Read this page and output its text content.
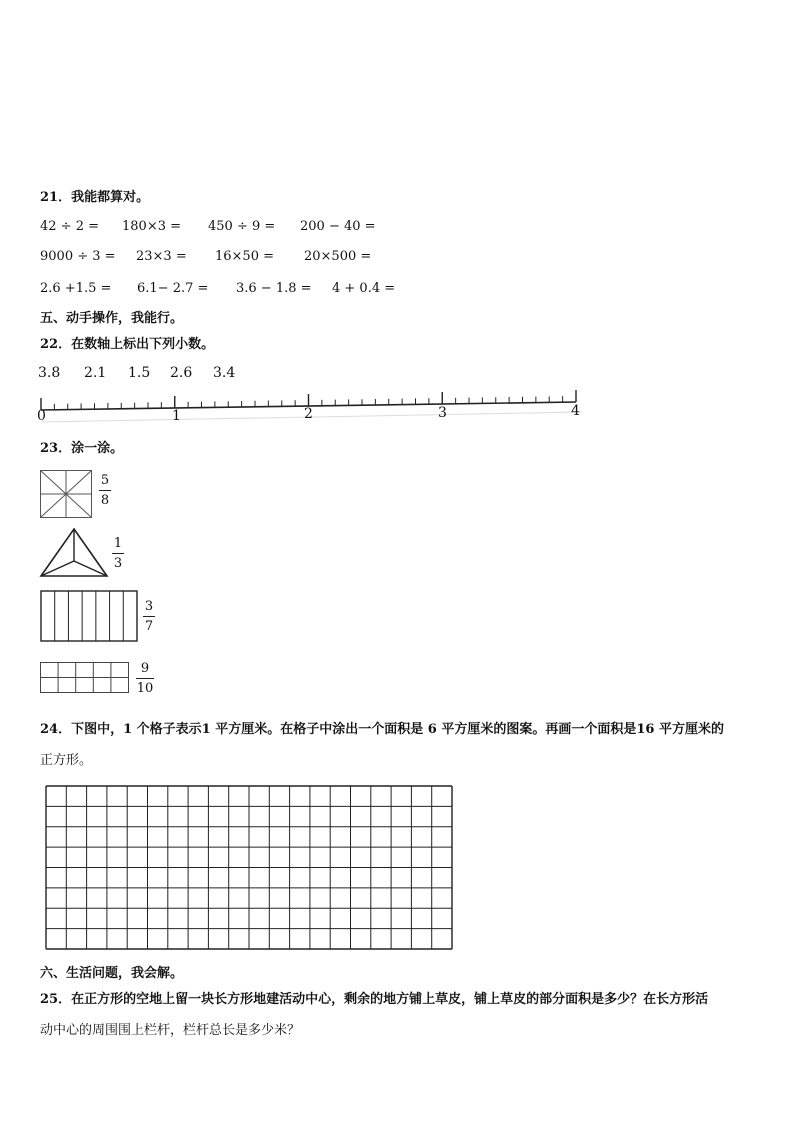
21．我能都算对。
42 ÷ 2 = 180×3 = 450 ÷ 9 = 200 − 40 =
9000 ÷ 3 = 23×3 = 16×50 = 20×500 =
2.6 +1.5 = 6.1− 2.7 = 3.6 − 1.8 = 4 + 0.4 =
五、动手操作，我能行。
22．在数轴上标出下列小数。
3.8 2.1 1.5 2.6 3.4
0	1	2	3	4
23．涂一涂。
5
8
1
3
3
7
9
10
24．下图中，1 个格子表示1 平方厘米。在格子中涂出一个面积是 6 平方厘米的图案。再画一个面积是16 平方厘米的
正方形。
六、生活问题，我会解。
25．在正方形的空地上留一块长方形地建活动中心，剩余的地方铺上草皮，铺上草皮的部分面积是多少？在长方形活
动中心的周围围上栏杆，栏杆总长是多少米？
